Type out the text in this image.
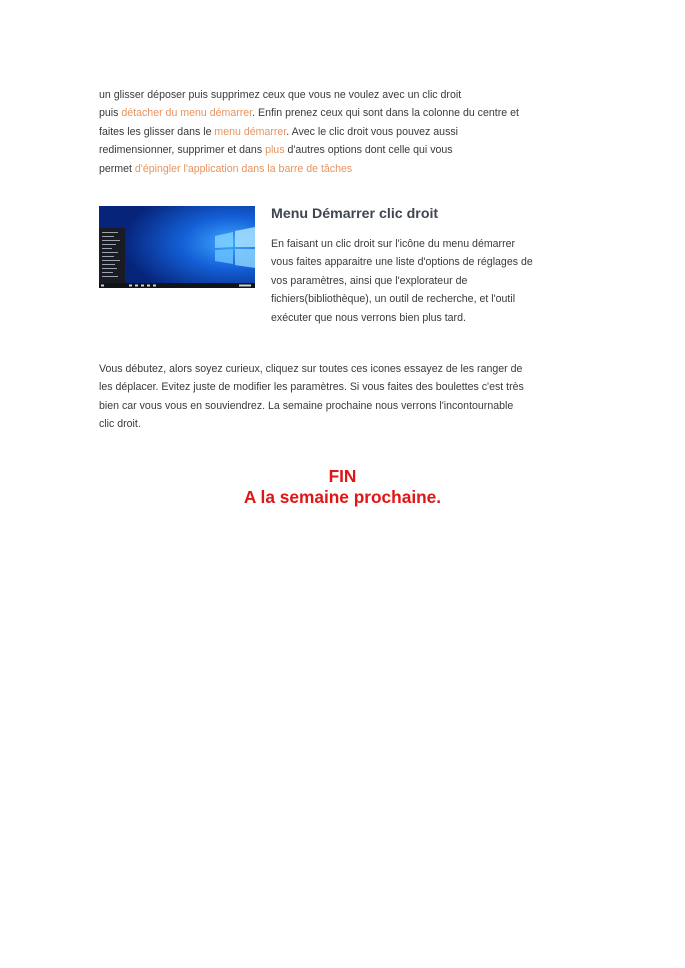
un glisser déposer puis supprimez ceux que vous ne voulez avec un clic droit

puis détacher du menu démarrer. Enfin prenez ceux qui sont dans la colonne du centre et

faites les glisser dans le menu démarrer. Avec le clic droit vous pouvez aussi

redimensionner, supprimer et dans plus d'autres options dont celle qui vous

permet d'épingler l'application dans la barre de tâches

Menu Démarrer clic droit
En faisant un clic droit sur l'icône du menu démarrer
vous faites apparaitre une liste d'options de réglages de
vos paramètres, ainsi que l'explorateur de
fichiers(bibliothèque), un outil de recherche, et l'outil
exécuter que nous verrons bien plus tard.
Vous débutez, alors soyez curieux, cliquez sur toutes ces icones essayez de les ranger de
les déplacer. Evitez juste de modifier les paramètres. Si vous faites des boulettes c'est très
bien car vous vous en souviendrez. La semaine prochaine nous verrons l'incontournable
clic droit.
FIN
A la semaine prochaine.
